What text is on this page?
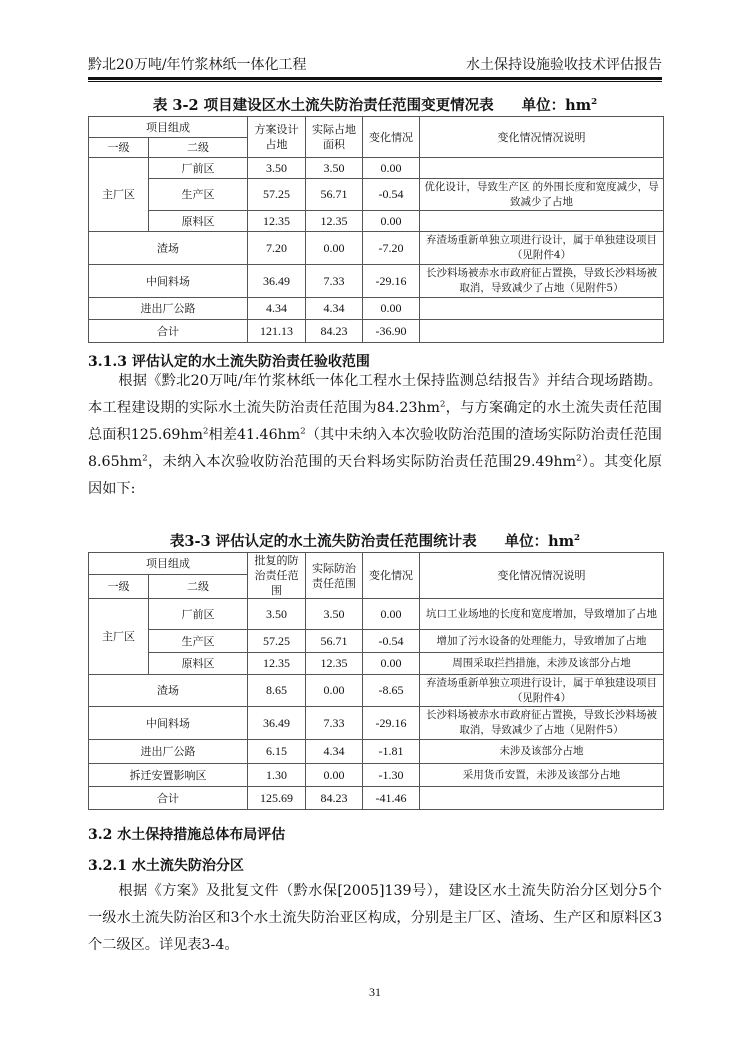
黔北20万吨/年竹浆林纸一体化工程	水土保持设施验收技术评估报告
表 3-2 项目建设区水土流失防治责任范围变更情况表 单位：$hm^2$
项目组成		方案设计占地	实际占地面积	变化情况	变化情况情况说明
一级	二级				
主厂区	厂前区	3.50	3.50	0.00	
	生产区	57.25	56.71	-0.54	优化设计，导致生产区 的外围长度和宽度减少，导致减少了占地
	原料区	12.35	12.35	0.00	
渣场		7.20	0.00	-7.20	弃渣场重新单独立项进行设计，属于单独建设项目（见附件4）
中间料场		36.49	7.33	-29.16	长沙料场被赤水市政府征占置换，导致长沙料场被取消，导致减少了占地（见附件5）
进出厂公路		4.34	4.34	0.00	
合计		121.13	84.23	-36.90	
3.1.3 评估认定的水土流失防治责任验收范围
根据《黔北20万吨/年竹浆林纸一体化工程水土保持监测总结报告》并结合现场踏勘。本工程建设期的实际水土流失防治责任范围为$84.23hm^2$，与方案确定的水土流失责任范围总面积$125.69hm^2$相差$41.46hm^2$（其中未纳入本次验收防治范围的渣场实际防治责任范围$8.65hm^2$，未纳入本次验收防治范围的天台料场实际防治责任范围$29.49hm^2$）。其变化原因如下:
表3-3 评估认定的水土流失防治责任范围统计表 单位：$hm^2$
项目组成		批复的防治责任范围	实际防治责任范围	变化情况	变化情况情况说明
一级	二级				
主厂区	厂前区	3.50	3.50	0.00	坑口工业场地的长度和宽度增加，导致增加了占地
	生产区	57.25	56.71	-0.54	增加了污水设备的处理能力，导致增加了占地
	原料区	12.35	12.35	0.00	周围采取拦挡措施，未涉及该部分占地
渣场		8.65	0.00	-8.65	弃渣场重新单独立项进行设计，属于单独建设项目（见附件4）
中间料场		36.49	7.33	-29.16	长沙料场被赤水市政府征占置换，导致长沙料场被取消，导致减少了占地（见附件5）
进出厂公路		6.15	4.34	-1.81	未涉及该部分占地
拆迁安置影响区		1.30	0.00	-1.30	采用货币安置，未涉及该部分占地
合计		125.69	84.23	-41.46	
3.2 水土保持措施总体布局评估
3.2.1 水土流失防治分区
根据《方案》及批复文件（黔水保[2005]139号），建设区水土流失防治分区划分5个一级水土流失防治区和3个水土流失防治亚区构成，分别是主厂区、渣场、生产区和原料区3个二级区。详见表3-4。
31
